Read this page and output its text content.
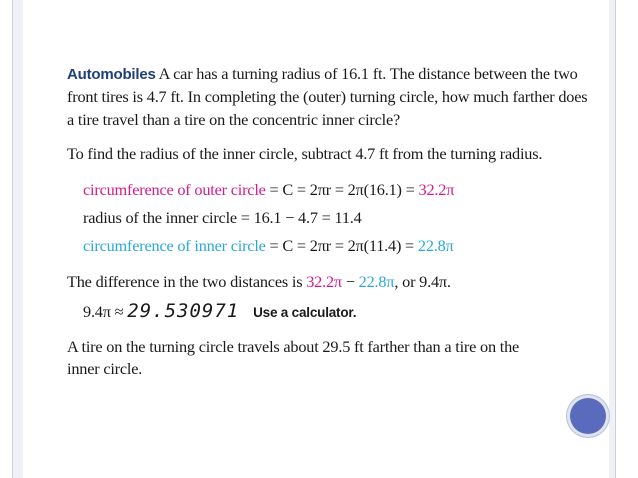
Automobiles A car has a turning radius of 16.1 ft. The distance between the two
front tires is 4.7 ft. In completing the (outer) turning circle, how much farther does
a tire travel than a tire on the concentric inner circle?
To find the radius of the inner circle, subtract 4.7 ft from the turning radius.
circumference of outer circle = C = 2πr = 2π(16.1) = 32.2π
radius of the inner circle = 16.1 − 4.7 = 11.4
circumference of inner circle = C = 2πr = 2π(11.4) = 22.8π
The difference in the two distances is 32.2π − 22.8π, or 9.4π.
9.4π ≈ 29.530971 Use a calculator.
A tire on the turning circle travels about 29.5 ft farther than a tire on the
inner circle.
